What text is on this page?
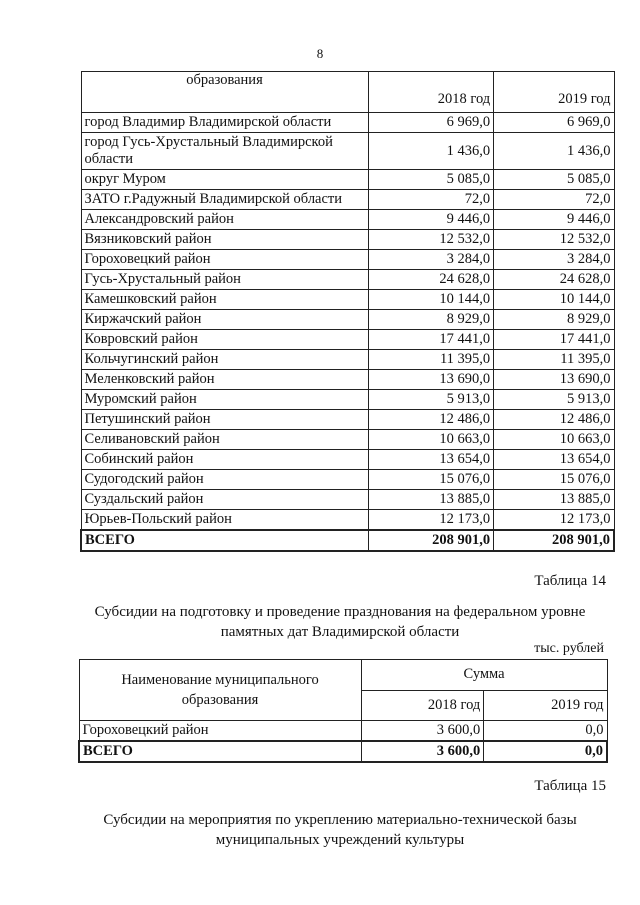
8
образования	2018 год	2019 год
город Владимир Владимирской области	6 969,0	6 969,0
город Гусь-Хрустальный Владимирской области	1 436,0	1 436,0
округ Муром	5 085,0	5 085,0
ЗАТО г.Радужный Владимирской области	72,0	72,0
Александровский район	9 446,0	9 446,0
Вязниковский район	12 532,0	12 532,0
Гороховецкий район	3 284,0	3 284,0
Гусь-Хрустальный район	24 628,0	24 628,0
Камешковский район	10 144,0	10 144,0
Киржачский район	8 929,0	8 929,0
Ковровский район	17 441,0	17 441,0
Кольчугинский район	11 395,0	11 395,0
Меленковский район	13 690,0	13 690,0
Муромский район	5 913,0	5 913,0
Петушинский район	12 486,0	12 486,0
Селивановский район	10 663,0	10 663,0
Собинский район	13 654,0	13 654,0
Судогодский район	15 076,0	15 076,0
Суздальский район	13 885,0	13 885,0
Юрьев-Польский район	12 173,0	12 173,0
ВСЕГО	208 901,0	208 901,0
Таблица 14
Субсидии на подготовку и проведение празднования на федеральном уровне
памятных дат Владимирской области
тыс. рублей
Наименование муниципального образования	Сумма	
	2018 год	2019 год
Гороховецкий район	3 600,0	0,0
ВСЕГО	3 600,0	0,0
Таблица 15
Субсидии на мероприятия по укреплению материально-технической базы
муниципальных учреждений культуры
